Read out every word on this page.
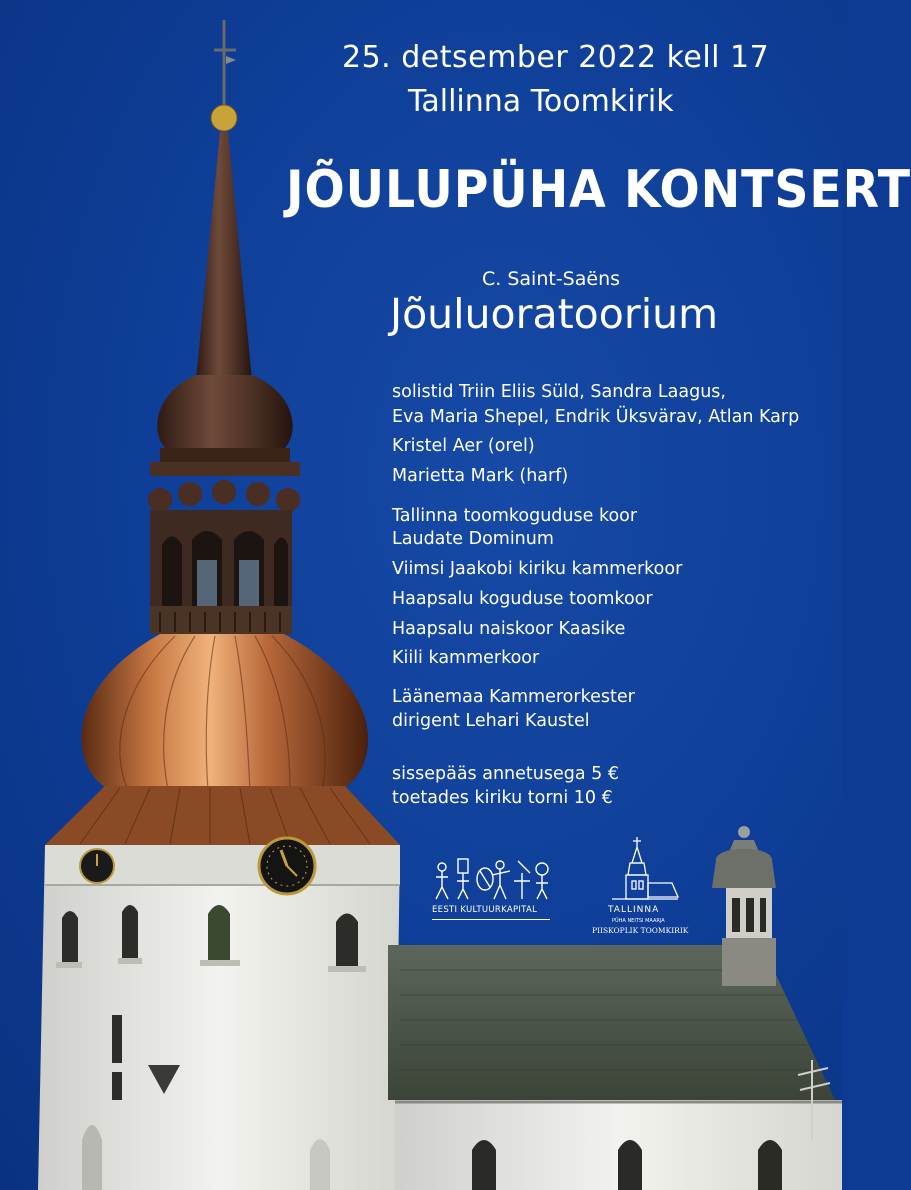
25. detsember 2022 kell 17
Tallinna Toomkirik
JÕULUPÜHA KONTSERT
C. Saint-Saëns
Jõuluoratoorium
solistid Triin Eliis Süld, Sandra Laagus,
Eva Maria Shepel, Endrik Üksvärav, Atlan Karp
Kristel Aer (orel)
Marietta Mark (harf)
Tallinna toomkoguduse koor
Laudate Dominum
Viimsi Jaakobi kiriku kammerkoor
Haapsalu koguduse toomkoor
Haapsalu naiskoor Kaasike
Kiili kammerkoor
Läänemaa Kammerorkester
dirigent Lehari Kaustel
sissepääs annetusega 5 €
toetades kiriku torni 10 €
EESTI KULTUURKAPITAL	TALLINNA
PÜHA NEITSI MAARJA
PIISKOPLIK TOOMKIRIK
